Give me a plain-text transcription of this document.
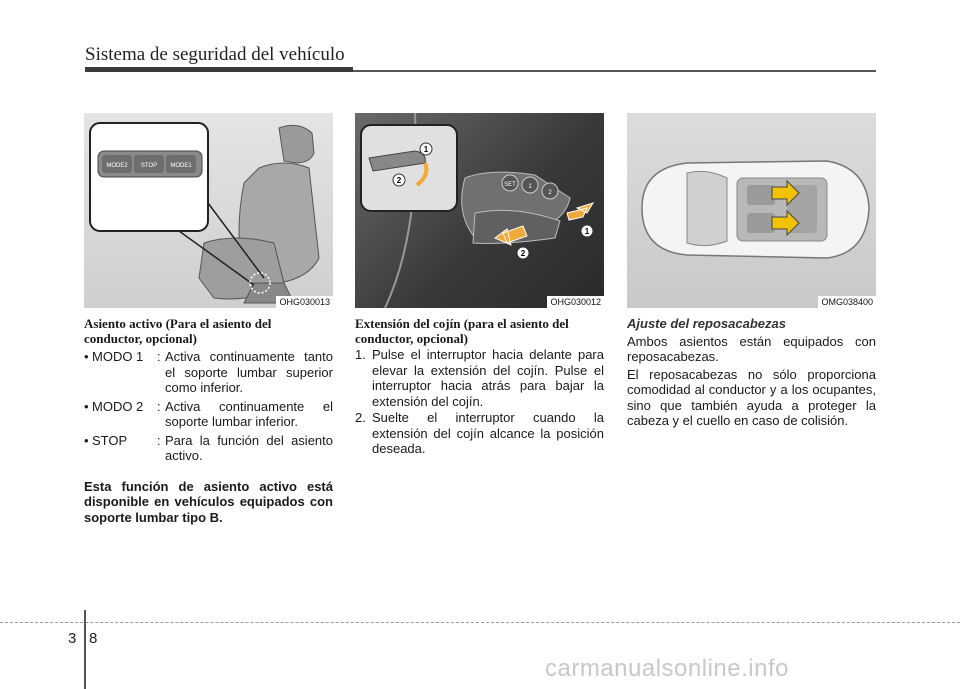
Sistema de seguridad del vehículo
MODE2 STOP MODE1
OHG030013
1
2	SET 1
2
1
2
OHG030012	OMG038400
Asiento activo (Para el asiento del conductor, opcional)
• MODO 1	: Activa continuamente tanto el soporte lumbar superior como inferior.
• MODO 2	: Activa continuamente el soporte lumbar inferior.
• STOP	: Para la función del asiento activo.
Esta función de asiento activo está disponible en vehículos equipados con soporte lumbar tipo B.
Extensión del cojín (para el asiento del conductor, opcional)
1. Pulse el interruptor hacia delante para elevar la extensión del cojín. Pulse el interruptor hacia atrás para bajar la extensión del cojín.
2. Suelte el interruptor cuando la extensión del cojín alcance la posición deseada.
Ajuste del reposacabezas
Ambos asientos están equipados con reposacabezas.
El reposacabezas no sólo proporciona comodidad al conductor y a los ocupantes, sino que también ayuda a proteger la cabeza y el cuello en caso de colisión.
3 8
carmanualsonline.info
